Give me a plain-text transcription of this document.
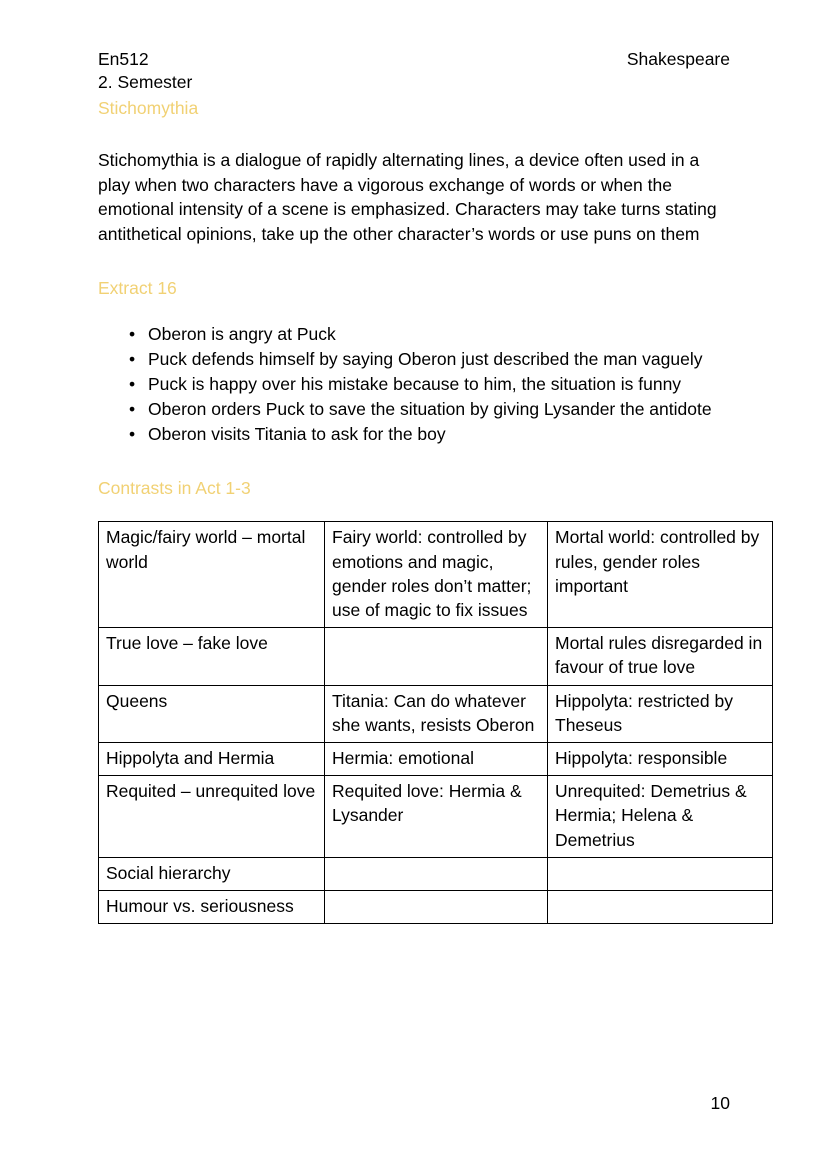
En512	Shakespeare
2. Semester
Stichomythia

Stichomythia is a dialogue of rapidly alternating lines, a device often used in a play when two characters have a vigorous exchange of words or when the emotional intensity of a scene is emphasized. Characters may take turns stating antithetical opinions, take up the other character’s words or use puns on them

Extract 16
• Oberon is angry at Puck
• Puck defends himself by saying Oberon just described the man vaguely
• Puck is happy over his mistake because to him, the situation is funny
• Oberon orders Puck to save the situation by giving Lysander the antidote
• Oberon visits Titania to ask for the boy
Contrasts in Act 1-3
Magic/fairy world – mortal world	Fairy world: controlled by emotions and magic, gender roles don’t matter; use of magic to fix issues	Mortal world: controlled by rules, gender roles important
True love – fake love		Mortal rules disregarded in favour of true love
Queens	Titania: Can do whatever she wants, resists Oberon	Hippolyta: restricted by Theseus
Hippolyta and Hermia	Hermia: emotional	Hippolyta: responsible
Requited – unrequited love	Requited love: Hermia & Lysander	Unrequited: Demetrius & Hermia; Helena & Demetrius
Social hierarchy		
Humour vs. seriousness		
10
